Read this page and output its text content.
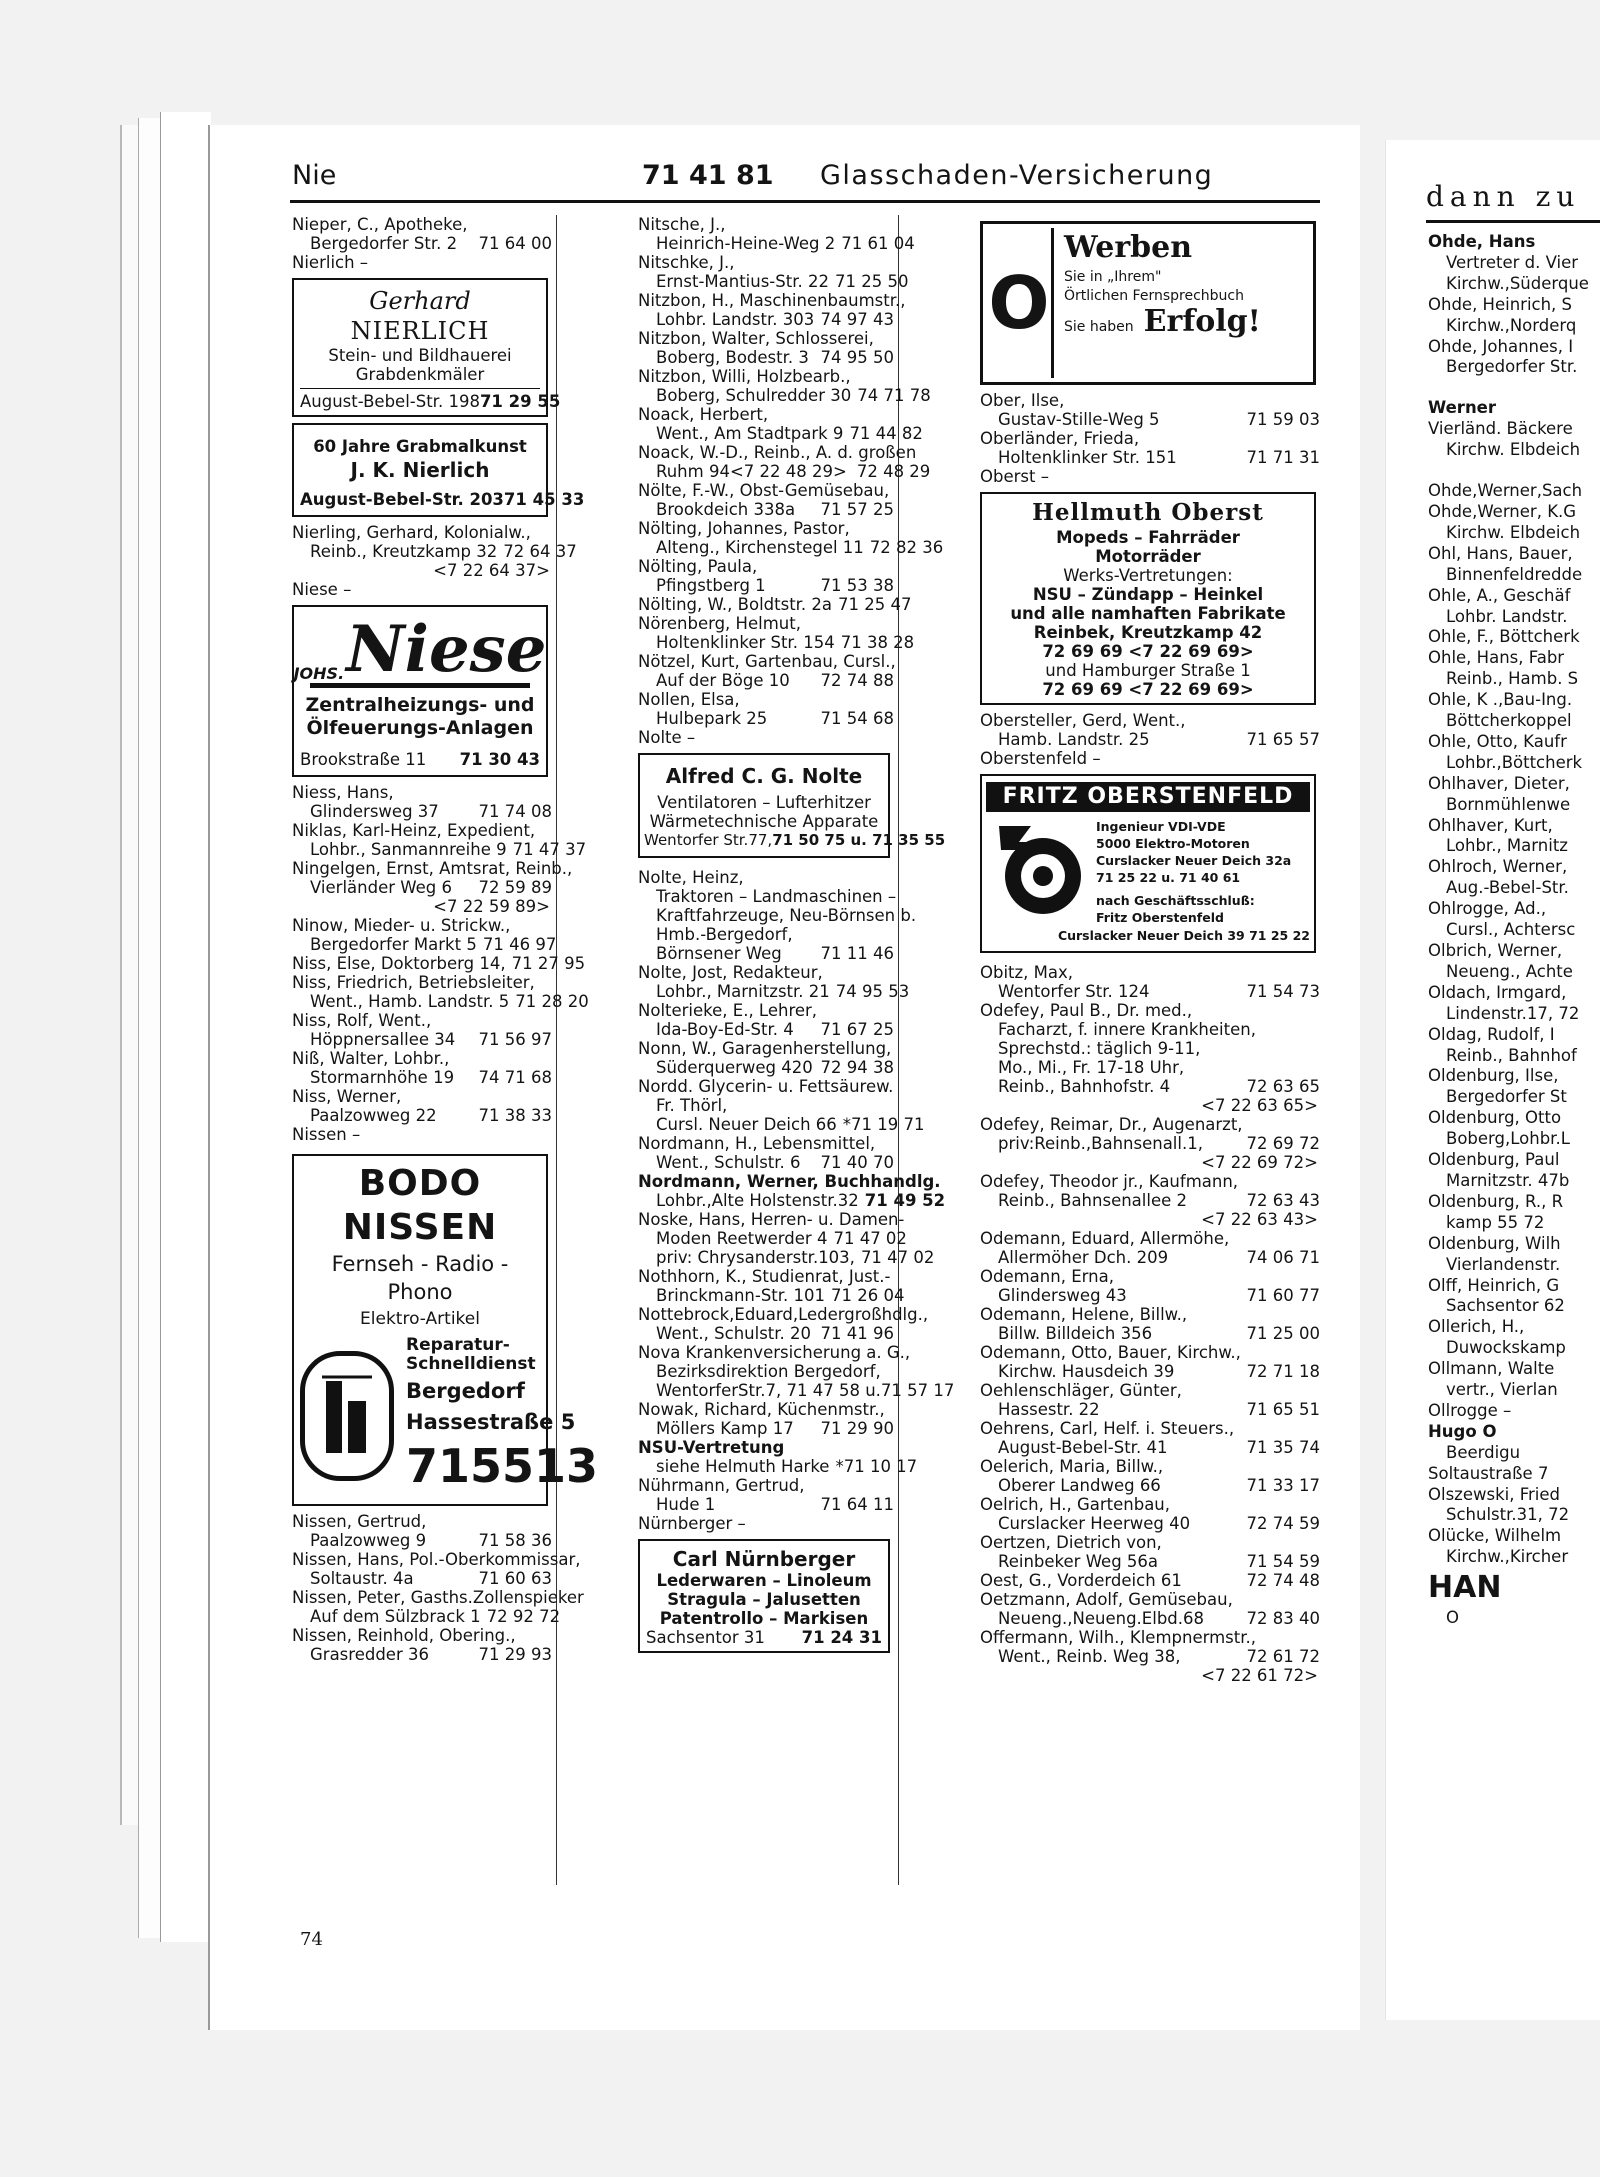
Nie	71 41 81 Glasschaden-Versicherung
Nieper, C., Apotheke,
Bergedorfer Str. 2	71 64 00
Nierlich –
Gerhard NIERLICH
Stein- und Bildhauerei
Grabdenkmäler
August-Bebel-Str. 198 71 29 55
60 Jahre Grabmalkunst
J. K. Nierlich
August-Bebel-Str. 203 71 45 33
Nierling, Gerhard, Kolonialw.,
Reinb., Kreutzkamp 32 72 64 37
<7 22 64 37>
Niese –
JOHS. Niese
Zentralheizungs- und
Ölfeuerungs-Anlagen
Brookstraße 11 71 30 43
Niess, Hans,
Glindersweg 37	71 74 08
Niklas, Karl-Heinz, Expedient,
Lohbr., Sanmannreihe 9 71 47 37
Ningelgen, Ernst, Amtsrat, Reinb.,
Vierländer Weg 6	72 59 89
<7 22 59 89>
Ninow, Mieder- u. Strickw.,
Bergedorfer Markt 5 71 46 97
Niss, Else, Doktorberg 14, 71 27 95
Niss, Friedrich, Betriebsleiter,
Went., Hamb. Landstr. 5 71 28 20
Niss, Rolf, Went.,
Höppnersallee 34	71 56 97
Niß, Walter, Lohbr.,
Stormarnhöhe 19	74 71 68
Niss, Werner,
Paalzowweg 22	71 38 33
Nissen –
BODO NISSEN
Fernseh - Radio - Phono
Elektro-Artikel
Reparatur-
Schnelldienst
Bergedorf
Hassestraße 5
715513
Nissen, Gertrud,
Paalzowweg 9	71 58 36
Nissen, Hans, Pol.-Oberkommissar,
Soltaustr. 4a	71 60 63
Nissen, Peter, Gasths.Zollenspieker
Auf dem Sülzbrack 1 72 92 72
Nissen, Reinhold, Obering.,
Grasredder 36	71 29 93
Nitsche, J.,
Heinrich-Heine-Weg 2 71 61 04
Nitschke, J.,
Ernst-Mantius-Str. 22 71 25 50
Nitzbon, H., Maschinenbaumstr.,
Lohbr. Landstr. 303 74 97 43
Nitzbon, Walter, Schlosserei,
Boberg, Bodestr. 3 74 95 50
Nitzbon, Willi, Holzbearb.,
Boberg, Schulredder 30 74 71 78
Noack, Herbert,
Went., Am Stadtpark 9 71 44 82
Noack, W.-D., Reinb., A. d. großen
Ruhm 94 <7 22 48 29> 72 48 29
Nölte, F.-W., Obst-Gemüsebau,
Brookdeich 338a	71 57 25
Nölting, Johannes, Pastor,
Alteng., Kirchenstegel 11 72 82 36
Nölting, Paula,
Pfingstberg 1	71 53 38
Nölting, W., Boldtstr. 2a 71 25 47
Nörenberg, Helmut,
Holtenklinker Str. 154 71 38 28
Nötzel, Kurt, Gartenbau, Cursl.,
Auf der Böge 10	72 74 88
Nollen, Elsa,
Hulbepark 25	71 54 68
Nolte –
Alfred C. G. Nolte
Ventilatoren – Lufterhitzer
Wärmetechnische Apparate
Wentorfer Str.77, 71 50 75 u. 71 35 55
Nolte, Heinz,
Traktoren – Landmaschinen –
Kraftfahrzeuge, Neu-Börnsen b.
Hmb.-Bergedorf,
Börnsener Weg	71 11 46
Nolte, Jost, Redakteur,
Lohbr., Marnitzstr. 21 74 95 53
Nolterieke, E., Lehrer,
Ida-Boy-Ed-Str. 4	71 67 25
Nonn, W., Garagenherstellung,
Süderquerweg 420 72 94 38
Nordd. Glycerin- u. Fettsäurew.
Fr. Thörl,
Cursl. Neuer Deich 66 *71 19 71
Nordmann, H., Lebensmittel,
Went., Schulstr. 6	71 40 70
Nordmann, Werner, Buchhandlg.
Lohbr.,Alte Holstenstr.32 71 49 52
Noske, Hans, Herren- u. Damen-
Moden Reetwerder 4 71 47 02
priv: Chrysanderstr.103, 71 47 02
Nothhorn, K., Studienrat, Just.-
Brinckmann-Str. 101 71 26 04
Nottebrock,Eduard,Ledergroßhdlg.,
Went., Schulstr. 20 71 41 96
Nova Krankenversicherung a. G.,
Bezirksdirektion Bergedorf,
WentorferStr.7, 71 47 58 u.71 57 17
Nowak, Richard, Küchenmstr.,
Möllers Kamp 17	71 29 90
NSU-Vertretung
siehe Helmuth Harke *71 10 17
Nührmann, Gertrud,
Hude 1	71 64 11
Nürnberger –
Carl Nürnberger
Lederwaren – Linoleum
Stragula – Jalusetten
Patentrollo – Markisen
Sachsentor 31 71 24 31
O
Werben
Sie in „Ihrem"
Örtlichen Fernsprechbuch
Sie haben Erfolg!
Ober, Ilse,
Gustav-Stille-Weg 5	71 59 03
Oberländer, Frieda,
Holtenklinker Str. 151	71 71 31
Oberst –
Hellmuth Oberst
Mopeds – Fahrräder
Motorräder
Werks-Vertretungen:
NSU – Zündapp – Heinkel
und alle namhaften Fabrikate
Reinbek, Kreutzkamp 42
72 69 69 <7 22 69 69>
und Hamburger Straße 1
72 69 69 <7 22 69 69>
Obersteller, Gerd, Went.,
Hamb. Landstr. 25	71 65 57
Oberstenfeld –
FRITZ OBERSTENFELD
Ingenieur VDI-VDE
5000 Elektro-Motoren
Curslacker Neuer Deich 32a
71 25 22 u. 71 40 61
nach Geschäftsschluß:
Fritz Oberstenfeld
Curslacker Neuer Deich 39 71 25 22
Obitz, Max,
Wentorfer Str. 124	71 54 73
Odefey, Paul B., Dr. med.,
Facharzt, f. innere Krankheiten,
Sprechstd.: täglich 9-11,
Mo., Mi., Fr. 17-18 Uhr,
Reinb., Bahnhofstr. 4	72 63 65
<7 22 63 65>
Odefey, Reimar, Dr., Augenarzt,
priv:Reinb.,Bahnsenall.1,	72 69 72
<7 22 69 72>
Odefey, Theodor jr., Kaufmann,
Reinb., Bahnsenallee 2	72 63 43
<7 22 63 43>
Odemann, Eduard, Allermöhe,
Allermöher Dch. 209	74 06 71
Odemann, Erna,
Glindersweg 43	71 60 77
Odemann, Helene, Billw.,
Billw. Billdeich 356	71 25 00
Odemann, Otto, Bauer, Kirchw.,
Kirchw. Hausdeich 39	72 71 18
Oehlenschläger, Günter,
Hassestr. 22	71 65 51
Oehrens, Carl, Helf. i. Steuers.,
August-Bebel-Str. 41	71 35 74
Oelerich, Maria, Billw.,
Oberer Landweg 66	71 33 17
Oelrich, H., Gartenbau,
Curslacker Heerweg 40	72 74 59
Oertzen, Dietrich von,
Reinbeker Weg 56a	71 54 59
Oest, G., Vorderdeich 61	72 74 48
Oetzmann, Adolf, Gemüsebau,
Neueng.,Neueng.Elbd.68	72 83 40
Offermann, Wilh., Klempnermstr.,
Went., Reinb. Weg 38,	72 61 72
<7 22 61 72>
74
dann zu
Ohde, Hans
Vertreter d. Vier
Kirchw.,Süderque
Ohde, Heinrich, S
Kirchw.,Norderq
Ohde, Johannes, I
Bergedorfer Str.
Werner
Vierländ. Bäckere
Kirchw. Elbdeich
Ohde,Werner,Sach
Ohde,Werner, K.G
Kirchw. Elbdeich
Ohl, Hans, Bauer,
Binnenfeldredde
Ohle, A., Geschäf
Lohbr. Landstr.
Ohle, F., Böttcherk
Ohle, Hans, Fabr
Reinb., Hamb. S
Ohle, K .,Bau-Ing.
Böttcherkoppel
Ohle, Otto, Kaufr
Lohbr.,Böttcherk
Ohlhaver, Dieter,
Bornmühlenwe
Ohlhaver, Kurt,
Lohbr., Marnitz
Ohlroch, Werner,
Aug.-Bebel-Str.
Ohlrogge, Ad.,
Cursl., Achtersc
Olbrich, Werner,
Neueng., Achte
Oldach, Irmgard,
Lindenstr.17, 72
Oldag, Rudolf, I
Reinb., Bahnhof
Oldenburg, Ilse,
Bergedorfer St
Oldenburg, Otto
Boberg,Lohbr.L
Oldenburg, Paul
Marnitzstr. 47b
Oldenburg, R., R
kamp 55 72
Oldenburg, Wilh
Vierlandenstr.
Olff, Heinrich, G
Sachsentor 62
Ollerich, H.,
Duwockskamp
Ollmann, Walte
vertr., Vierlan
Ollrogge –
Hugo O
Beerdigu
Soltaustraße 7
Olszewski, Fried
Schulstr.31, 72
Olücke, Wilhelm
Kirchw.,Kircher
HAN
O
